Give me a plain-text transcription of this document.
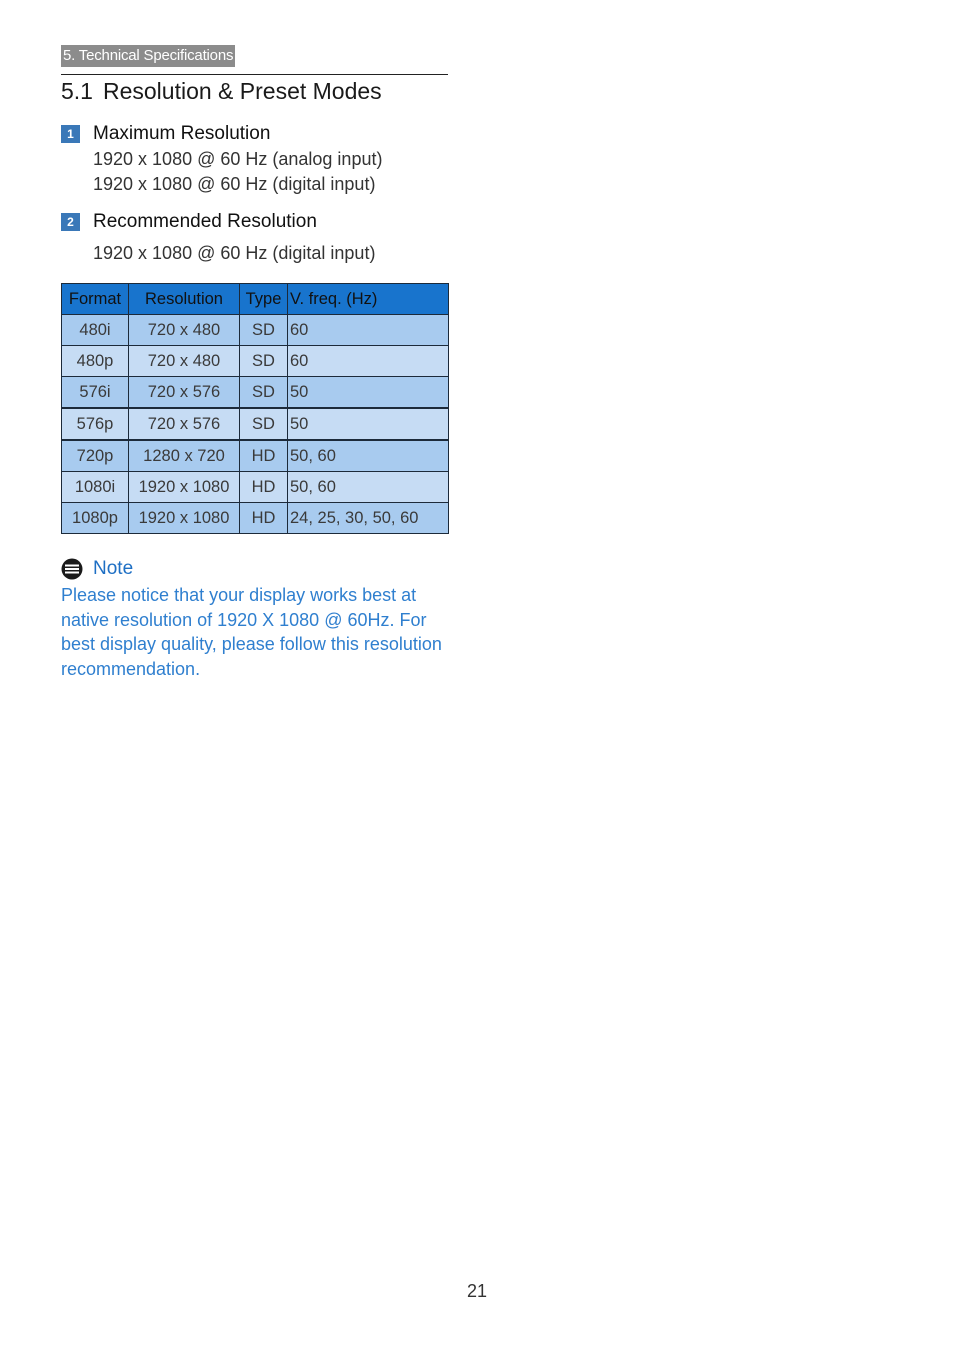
5. Technical Specifications
5.1 Resolution & Preset Modes
1	Maximum Resolution
1920 x 1080 @ 60 Hz (analog input)
1920 x 1080 @ 60 Hz (digital input)
2	Recommended Resolution
1920 x 1080 @ 60 Hz (digital input)
Format	Resolution	Type	V. freq. (Hz)
480i	720 x 480	SD	60
480p	720 x 480	SD	60
576i	720 x 576	SD	50
576p	720 x 576	SD	50
720p	1280 x 720	HD	50, 60
1080i	1920 x 1080	HD	50, 60
1080p	1920 x 1080	HD	24, 25, 30, 50, 60
Note
Please notice that your display works best at native resolution of 1920 X 1080 @ 60Hz. For best display quality, please follow this resolution recommendation.
21
